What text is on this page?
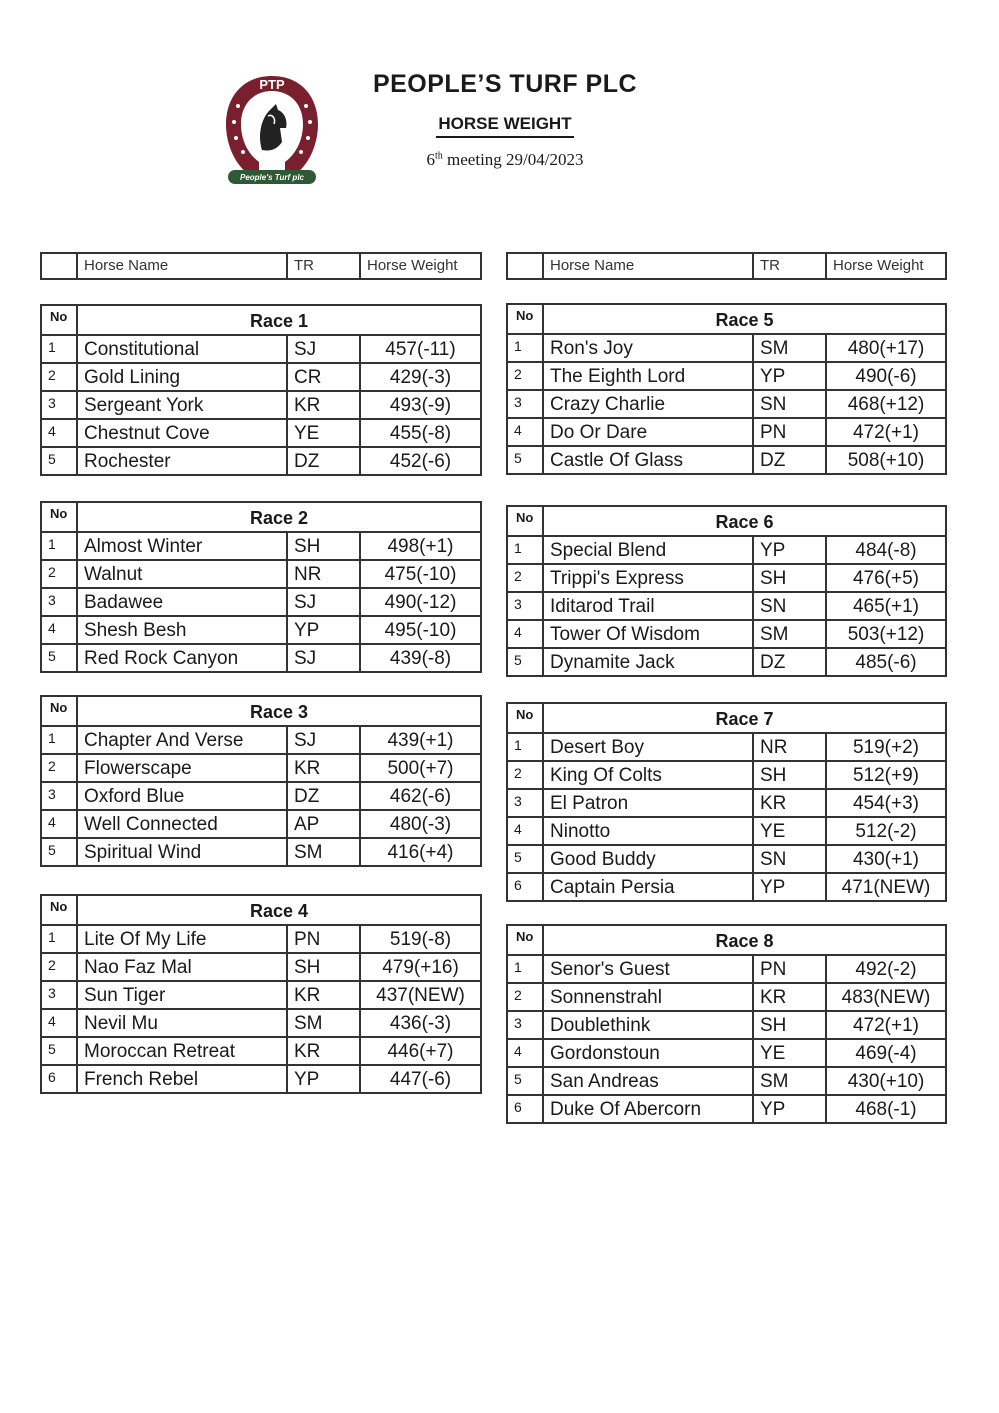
People's Turf plc
PTP
EST. 2022
PEOPLE’S TURF PLC
HORSE WEIGHT
6th meeting 29/04/2023
Horse Name	TR	Horse Weight	Horse Name	TR	Horse Weight
No	Race 1
1	Constitutional	SJ	457(-11)
2	Gold Lining	CR	429(-3)
3	Sergeant York	KR	493(-9)
4	Chestnut Cove	YE	455(-8)
5	Rochester	DZ	452(-6)
No	Race 2
1	Almost Winter	SH	498(+1)
2	Walnut	NR	475(-10)
3	Badawee	SJ	490(-12)
4	Shesh Besh	YP	495(-10)
5	Red Rock Canyon	SJ	439(-8)
No	Race 3
1	Chapter And Verse	SJ	439(+1)
2	Flowerscape	KR	500(+7)
3	Oxford Blue	DZ	462(-6)
4	Well Connected	AP	480(-3)
5	Spiritual Wind	SM	416(+4)
No	Race 4
1	Lite Of My Life	PN	519(-8)
2	Nao Faz Mal	SH	479(+16)
3	Sun Tiger	KR	437(NEW)
4	Nevil Mu	SM	436(-3)
5	Moroccan Retreat	KR	446(+7)
6	French Rebel	YP	447(-6)
No	Race 5
1	Ron's Joy	SM	480(+17)
2	The Eighth Lord	YP	490(-6)
3	Crazy Charlie	SN	468(+12)
4	Do Or Dare	PN	472(+1)
5	Castle Of Glass	DZ	508(+10)
No	Race 6
1	Special Blend	YP	484(-8)
2	Trippi's Express	SH	476(+5)
3	Iditarod Trail	SN	465(+1)
4	Tower Of Wisdom	SM	503(+12)
5	Dynamite Jack	DZ	485(-6)
No	Race 7
1	Desert Boy	NR	519(+2)
2	King Of Colts	SH	512(+9)
3	El Patron	KR	454(+3)
4	Ninotto	YE	512(-2)
5	Good Buddy	SN	430(+1)
6	Captain Persia	YP	471(NEW)
No	Race 8
1	Senor's Guest	PN	492(-2)
2	Sonnenstrahl	KR	483(NEW)
3	Doublethink	SH	472(+1)
4	Gordonstoun	YE	469(-4)
5	San Andreas	SM	430(+10)
6	Duke Of Abercorn	YP	468(-1)
